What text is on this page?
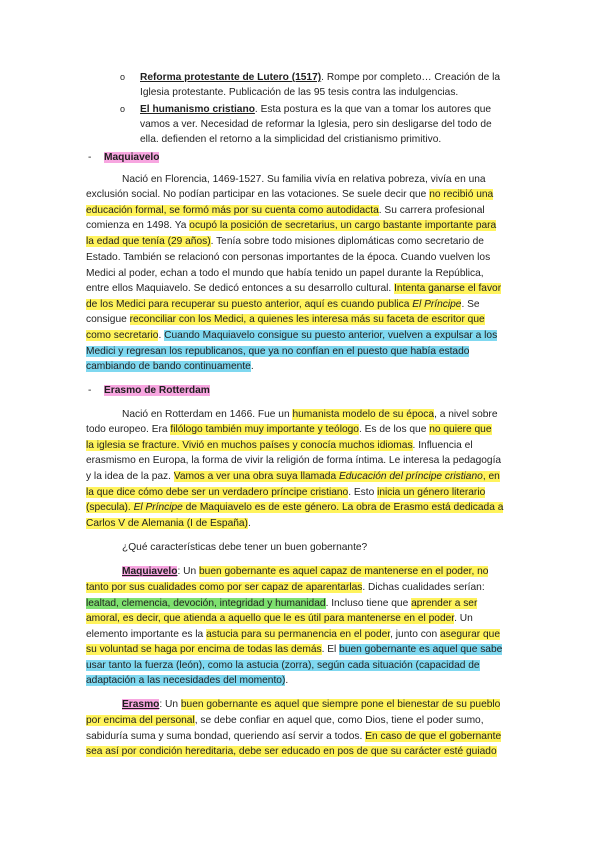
o Reforma protestante de Lutero (1517). Rompe por completo… Creación de la
Iglesia protestante. Publicación de las 95 tesis contra las indulgencias.
o El humanismo cristiano. Esta postura es la que van a tomar los autores que
vamos a ver. Necesidad de reformar la Iglesia, pero sin desligarse del todo de
ella. defienden el retorno a la simplicidad del cristianismo primitivo.
- Maquiavelo
Nació en Florencia, 1469-1527. Su familia vivía en relativa pobreza, vivía en una
exclusión social. No podían participar en las votaciones. Se suele decir que no recibió una
educación formal, se formó más por su cuenta como autodidacta. Su carrera profesional
comienza en 1498. Ya ocupó la posición de secretarius, un cargo bastante importante para
la edad que tenía (29 años). Tenía sobre todo misiones diplomáticas como secretario de
Estado. También se relacionó con personas importantes de la época. Cuando vuelven los
Medici al poder, echan a todo el mundo que había tenido un papel durante la República,
entre ellos Maquiavelo. Se dedicó entonces a su desarrollo cultural. Intenta ganarse el favor
de los Medici para recuperar su puesto anterior, aquí es cuando publica El Príncipe. Se
consigue reconciliar con los Medici, a quienes les interesa más su faceta de escritor que
como secretario. Cuando Maquiavelo consigue su puesto anterior, vuelven a expulsar a los
Medici y regresan los republicanos, que ya no confían en el puesto que había estado
cambiando de bando continuamente.
- Erasmo de Rotterdam
Nació en Rotterdam en 1466. Fue un humanista modelo de su época, a nivel sobre
todo europeo. Era filólogo también muy importante y teólogo. Es de los que no quiere que
la iglesia se fracture. Vivió en muchos países y conocía muchos idiomas. Influencia el
erasmismo en Europa, la forma de vivir la religión de forma íntima. Le interesa la pedagogía
y la idea de la paz. Vamos a ver una obra suya llamada Educación del príncipe cristiano, en
la que dice cómo debe ser un verdadero príncipe cristiano. Esto inicia un género literario
(specula). El Príncipe de Maquiavelo es de este género. La obra de Erasmo está dedicada a
Carlos V de Alemania (I de España).
¿Qué características debe tener un buen gobernante?
Maquiavelo: Un buen gobernante es aquel capaz de mantenerse en el poder, no
tanto por sus cualidades como por ser capaz de aparentarlas. Dichas cualidades serían:
lealtad, clemencia, devoción, integridad y humanidad. Incluso tiene que aprender a ser
amoral, es decir, que atienda a aquello que le es útil para mantenerse en el poder. Un
elemento importante es la astucia para su permanencia en el poder, junto con asegurar que
su voluntad se haga por encima de todas las demás. El buen gobernante es aquel que sabe
usar tanto la fuerza (león), como la astucia (zorra), según cada situación (capacidad de
adaptación a las necesidades del momento).
Erasmo: Un buen gobernante es aquel que siempre pone el bienestar de su pueblo
por encima del personal, se debe confiar en aquel que, como Dios, tiene el poder sumo,
sabiduría suma y suma bondad, queriendo así servir a todos. En caso de que el gobernante
sea así por condición hereditaria, debe ser educado en pos de que su carácter esté guiado
